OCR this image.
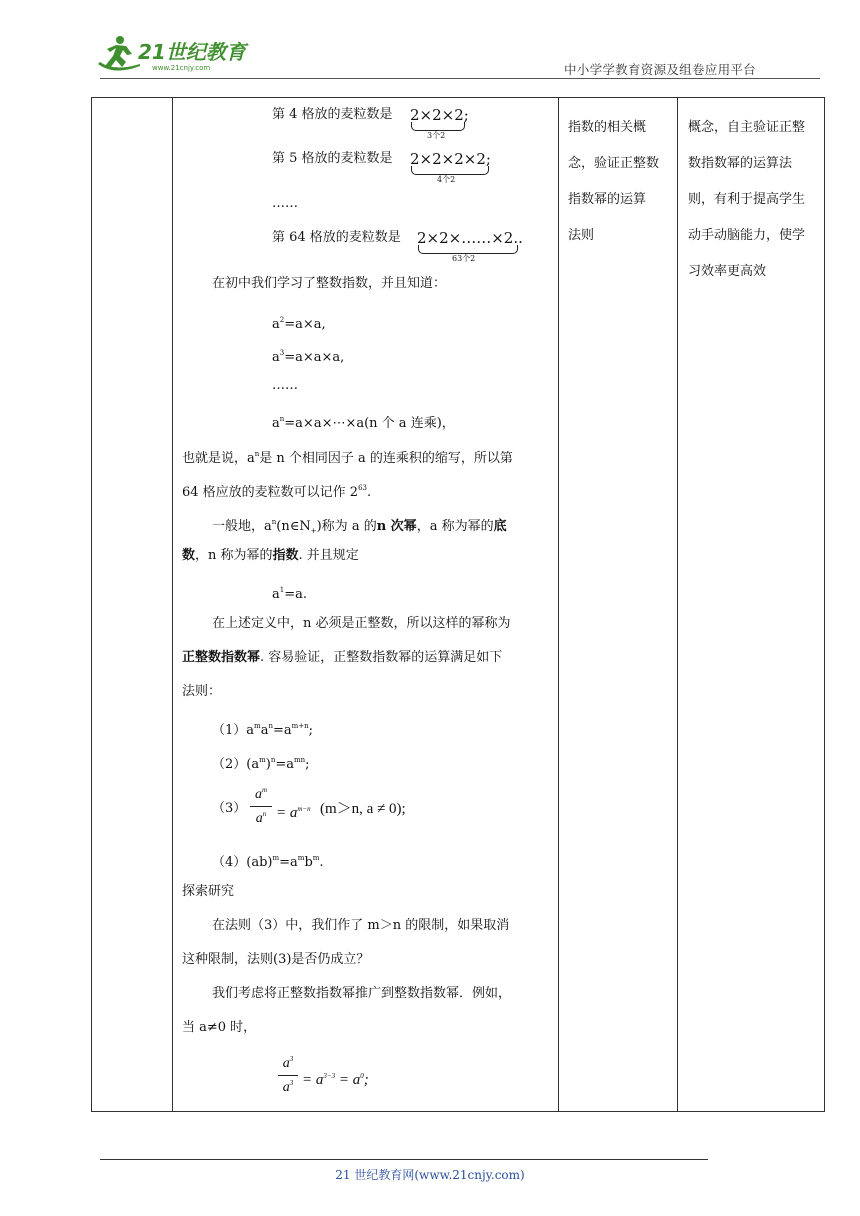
21世纪教育
www.21cnjy.com	中小学学教育资源及组卷应用平台
第 4 格放的麦粒数是 2×2×2;
3个2
第 5 格放的麦粒数是 2×2×2×2;
4个2
……
第 64 格放的麦粒数是 2×2×……×2..
63个2
在初中我们学习了整数指数，并且知道：
$a^2=a\times a$,
$a^3=a\times a\times a$,
……
$a^n=a\times a\times\cdots\times a(n$ 个 a 连乘)，
也就是说，$a^n$是 n 个相同因子 a 的连乘积的缩写，所以第
64 格应放的麦粒数可以记作 $2^{63}$.
一般地，$a^n(n\in N_+)$称为 a 的n 次幂，a 称为幂的底
数，n 称为幂的指数. 并且规定
$a^1=a$.
在上述定义中，n 必须是正整数，所以这样的幂称为
正整数指数幂. 容易验证，正整数指数幂的运算满足如下
法则：
$(1)a^ma^n=a^{m+n}$;
$(2)(a^m)^n=a^{mn}$;
（3）
$a^m$
$a^n = a^{m-n}$ (m＞n, a ≠ 0);
$(4)(ab)^m=a^mb^m$.
探索研究
在法则（3）中，我们作了 m＞n 的限制，如果取消
这种限制，法则(3)是否仍成立？
我们考虑将正整数指数幂推广到整数指数幂．例如，
当 a≠0 时，
$a^3$
$a^3 = a^{3-3} = a^0$;
指数的相关概
念，验证正整数
指数幂的运算
法则
概念，自主验证正整
数指数幂的运算法
则，有利于提高学生
动手动脑能力，使学
习效率更高效
21 世纪教育网(www.21cnjy.com)
